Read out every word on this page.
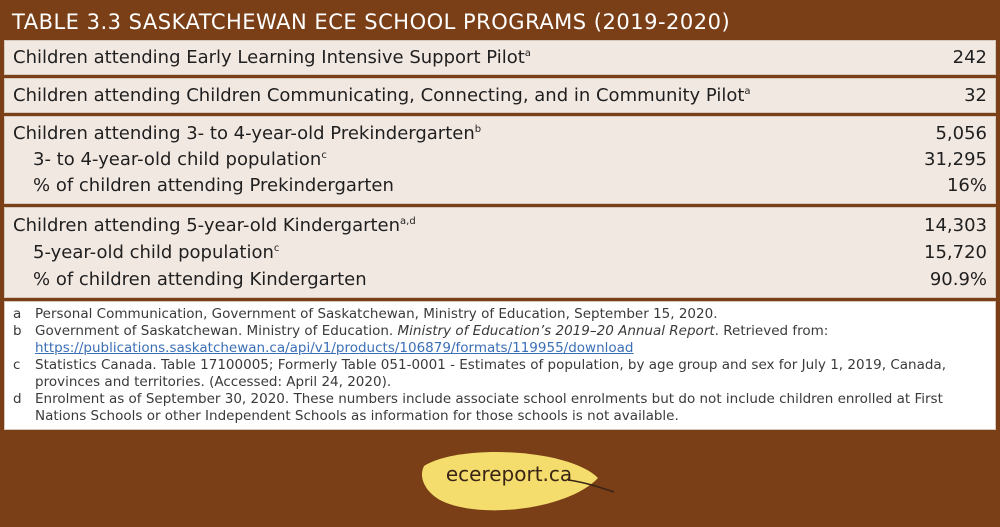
TABLE 3.3 SASKATCHEWAN ECE SCHOOL PROGRAMS (2019-2020)
Children attending Early Learning Intensive Support Pilot$^a$	242
Children attending Children Communicating, Connecting, and in Community Pilot$^a$	32
Children attending 3- to 4-year-old Prekindergarten$^b$	5,056
3- to 4-year-old child population$^c$	31,295
% of children attending Prekindergarten	16%
Children attending 5-year-old Kindergarten$^{a,d}$	14,303
5-year-old child population$^c$	15,720
% of children attending Kindergarten	90.9%
a	Personal Communication, Government of Saskatchewan, Ministry of Education, September 15, 2020.
b Government of Saskatchewan. Ministry of Education. Ministry of Education’s 2019–20 Annual Report. Retrieved from: https://publications.saskatchewan.ca/api/v1/products/106879/formats/119955/download
c	Statistics Canada. Table 17100005; Formerly Table 051-0001 - Estimates of population, by age group and sex for July 1, 2019, Canada, provinces and territories. (Accessed: April 24, 2020).
d Enrolment as of September 30, 2020. These numbers include associate school enrolments but do not include children enrolled at First Nations Schools or other Independent Schools as information for those schools is not available.
ecereport.ca
